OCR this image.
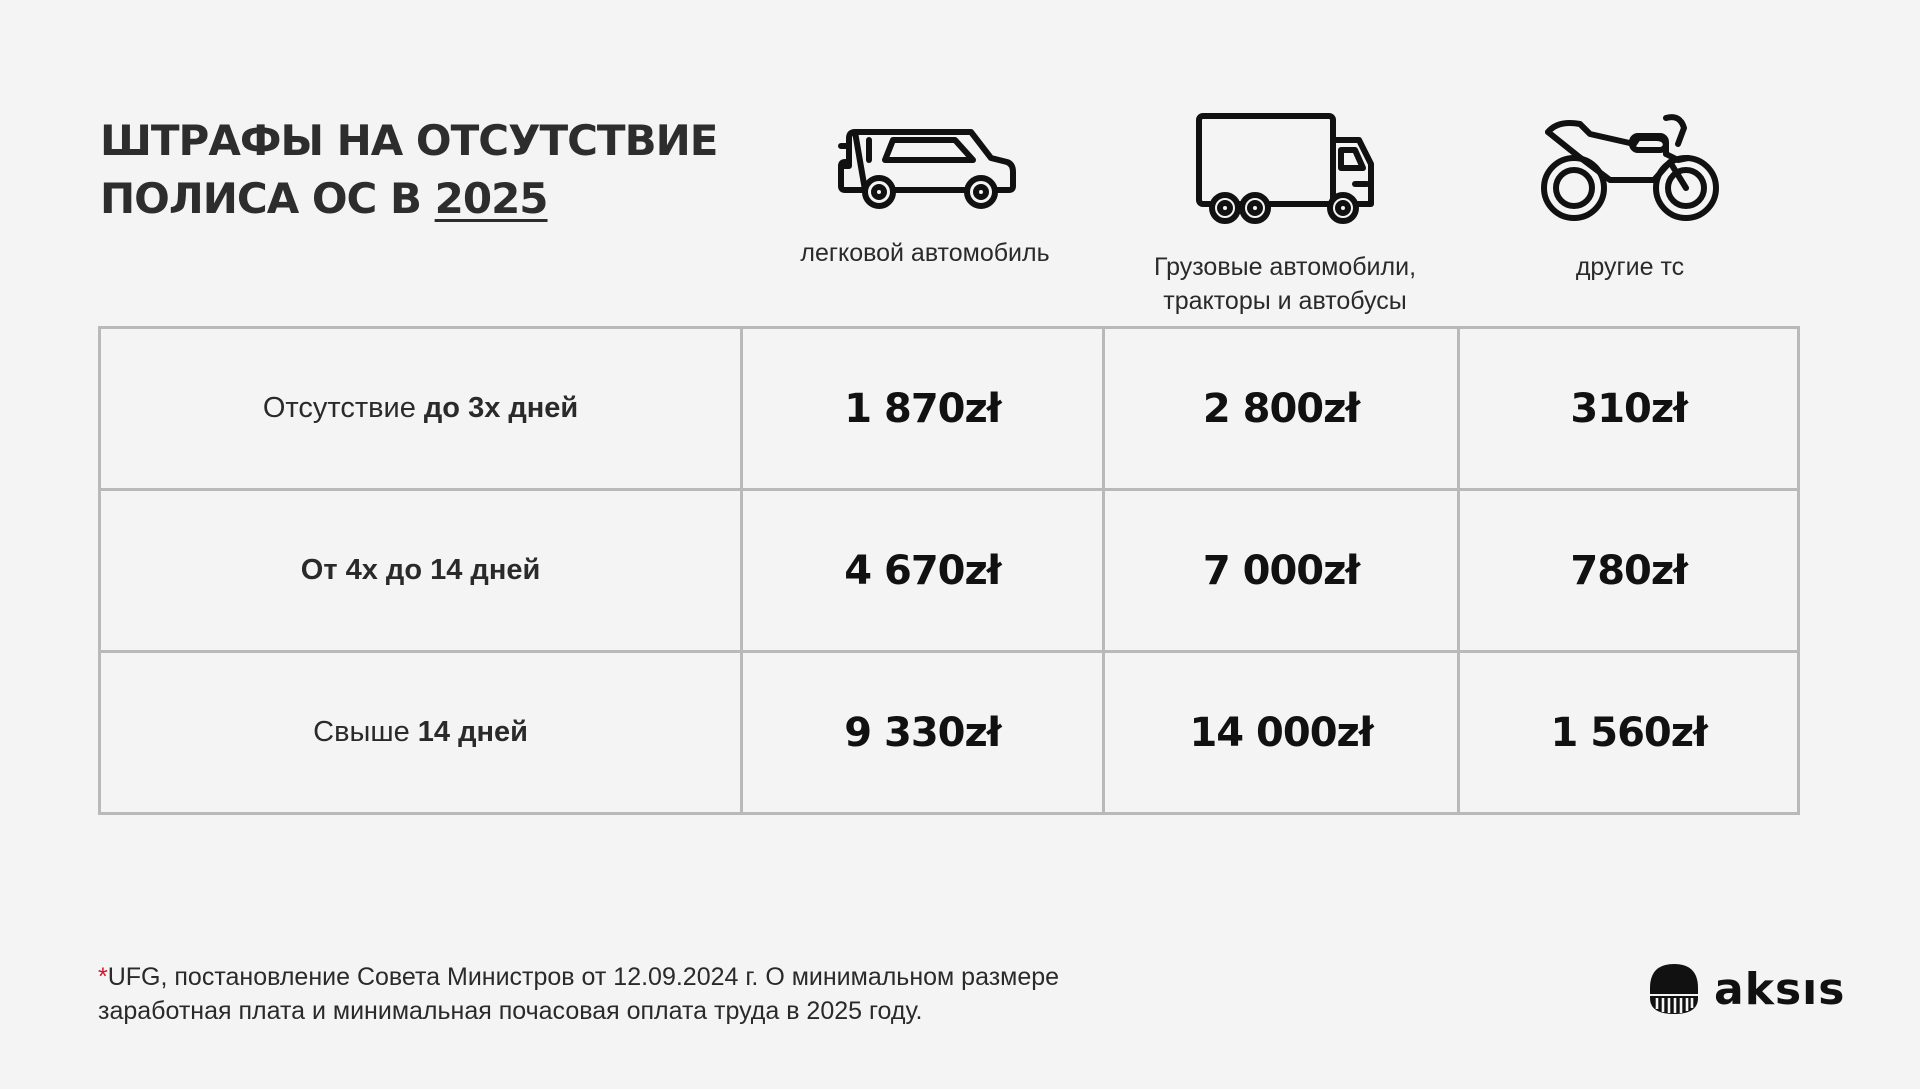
ШТРАФЫ НА ОТСУТСТВИЕ
ПОЛИСА ОС В 2025
легковой автомобиль	Грузовые автомобили,
тракторы и автобусы
другие тс
Отсутствие до 3х дней	1 870zł	2 800zł	310zł
От 4х до 14 дней	4 670zł	7 000zł	780zł
Свыше 14 дней	9 330zł	14 000zł	1 560zł
*UFG, постановление Совета Министров от 12.09.2024 г. О минимальном размере
заработная плата и минимальная почасовая оплата труда в 2025 году.	aksıs
